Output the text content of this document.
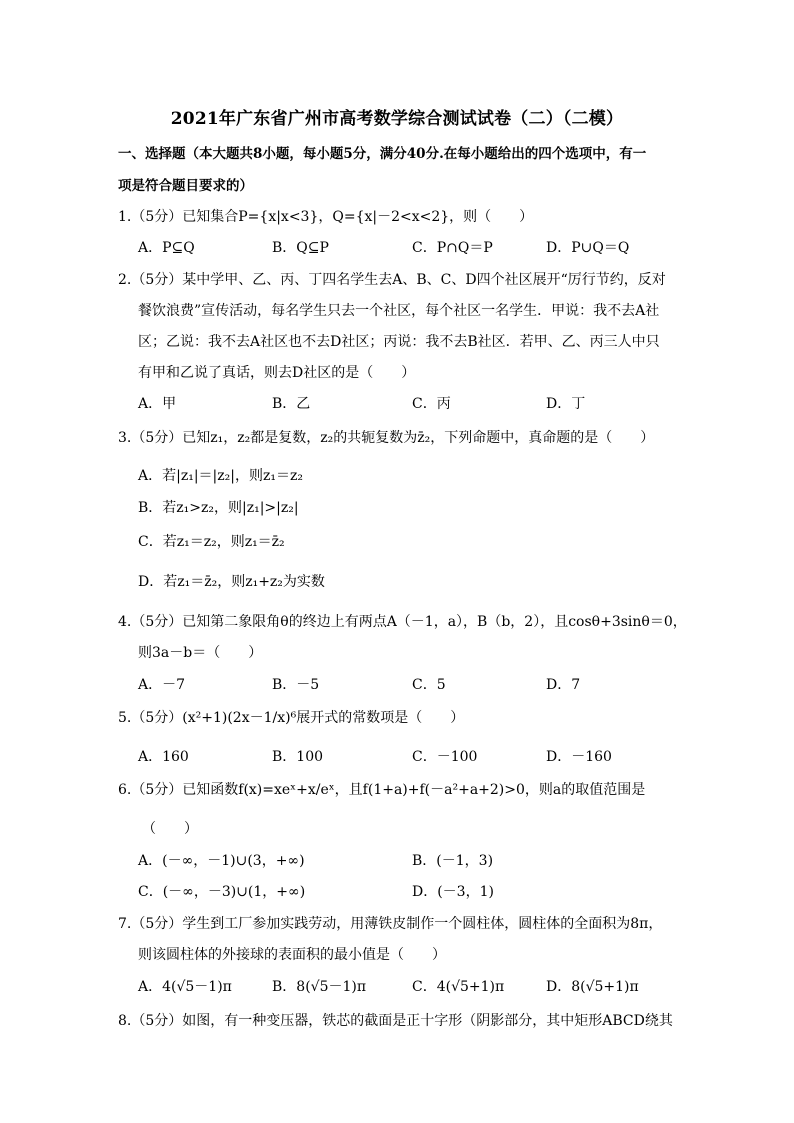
2021年广东省广州市高考数学综合测试试卷（二）（二模）
一、选择题（本大题共8小题，每小题5分，满分40分.在每小题给出的四个选项中，有一
项是符合题目要求的）
1.（5分）已知集合P={x|x<3}，Q={x|－2<x<2}，则（　　）
A．P⊆Q	B．Q⊆P	C．P∩Q＝P	D．P∪Q＝Q
2.（5分）某中学甲、乙、丙、丁四名学生去A、B、C、D四个社区展开“厉行节约，反对
餐饮浪费”宣传活动，每名学生只去一个社区，每个社区一名学生．甲说：我不去A社
区；乙说：我不去A社区也不去D社区；丙说：我不去B社区．若甲、乙、丙三人中只
有甲和乙说了真话，则去D社区的是（　　）
A．甲	B．乙	C．丙	D．丁
3.（5分）已知z₁，z₂都是复数，z₂的共轭复数为z̄₂，下列命题中，真命题的是（　　）
A．若|z₁|＝|z₂|，则z₁＝z₂
B．若z₁>z₂，则|z₁|>|z₂|
C．若z₁＝z₂，则z₁＝z̄₂
D．若z₁＝z̄₂，则z₁+z₂为实数
4.（5分）已知第二象限角θ的终边上有两点A（－1，a），B（b，2），且cosθ+3sinθ＝0，
则3a－b＝（　　）
A．－7	B．－5	C．5	D．7
5.（5分）(x²+1)(2x－1/x)⁶展开式的常数项是（　　）
A．160	B．100	C．－100	D．－160
6.（5分）已知函数f(x)=xeˣ+x/eˣ，且f(1+a)+f(－a²+a+2)>0，则a的取值范围是
（　　）
A．(－∞，－1)∪(3，+∞)	B．(－1，3)
C．(－∞，－3)∪(1，+∞)	D．(－3，1)
7.（5分）学生到工厂参加实践劳动，用薄铁皮制作一个圆柱体，圆柱体的全面积为8π，
则该圆柱体的外接球的表面积的最小值是（　　）
A．4(√5－1)π	B．8(√5－1)π	C．4(√5+1)π	D．8(√5+1)π
8.（5分）如图，有一种变压器，铁芯的截面是正十字形（阴影部分，其中矩形ABCD绕其
